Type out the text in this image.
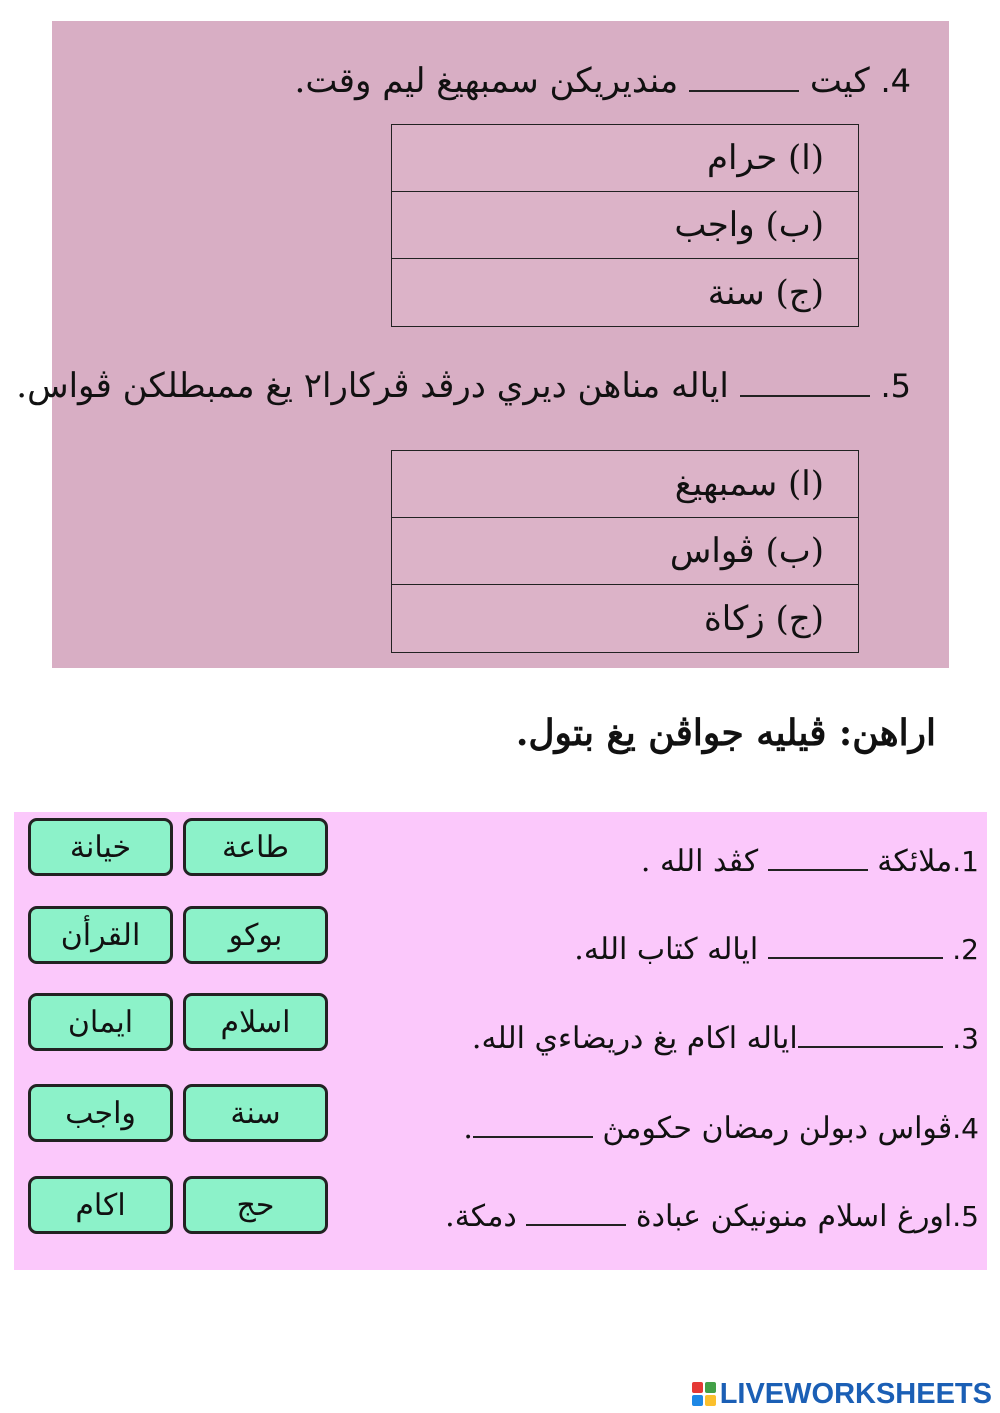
4. كيت  منديريكن سمبهيغ ليم وقت.
(ا) حرام
(ب) واجب
(ج) سنة
5.  اياله مناهن ديري درڤد ڤركارا٢ يغ ممبطلكن ڤواس.
(ا) سمبهيغ
(ب) ڤواس
(ج) زكاة
اراهن: ڤيليه جواڤن يغ بتول.
طاعة
خيانة
بوكو
القرأن
اسلام
ايمان
سنة
واجب
حج
اكام
1.ملائكة  كڤد الله .
2.  اياله كتاب الله.
3. اياله اكام يغ دريضاءي الله.
4.ڤواس دبولن رمضان حكومڽ .
5.اورغ اسلام منونيكن عبادة  دمكة.
LIVEWORKSHEETS
